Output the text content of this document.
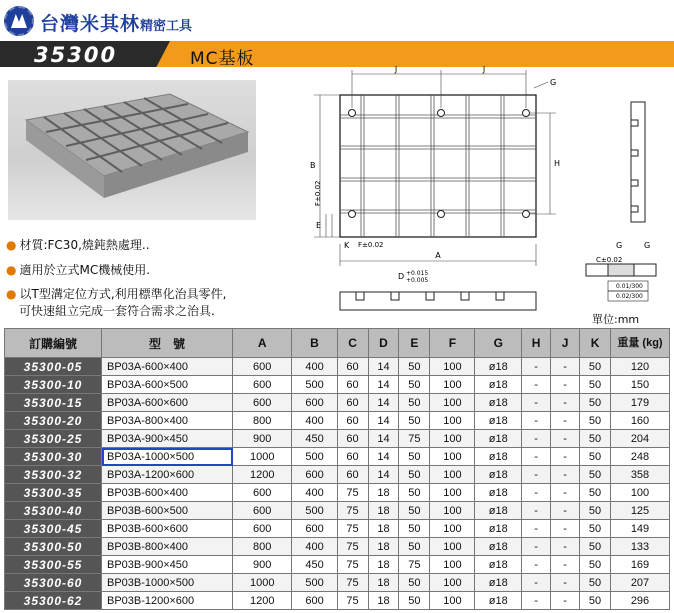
台灣米其林精密工具
35300	MC基板
J	J
G
B	H
E
F±0.02
K F±0.02
A
D +0.015
+0.005
G	G
C±0.02
0.01/300
0.02/300
● 材質:FC30,燒鈍熱處理..
● 適用於立式MC機械使用.
● 以T型溝定位方式,利用標準化治具零件,
可快速組立完成一套符合需求之治具.
單位:mm
訂購編號	型　號	A	B	C	D	E	F	G	H	J	K	重量 (kg)
35300-05	BP03A-600×400	600	400	60	14	50	100	ø18	-	-	50	120
35300-10	BP03A-600×500	600	500	60	14	50	100	ø18	-	-	50	150
35300-15	BP03A-600×600	600	600	60	14	50	100	ø18	-	-	50	179
35300-20	BP03A-800×400	800	400	60	14	50	100	ø18	-	-	50	160
35300-25	BP03A-900×450	900	450	60	14	75	100	ø18	-	-	50	204
35300-30	BP03A-1000×500	1000	500	60	14	50	100	ø18	-	-	50	248
35300-32	BP03A-1200×600	1200	600	60	14	50	100	ø18	-	-	50	358
35300-35	BP03B-600×400	600	400	75	18	50	100	ø18	-	-	50	100
35300-40	BP03B-600×500	600	500	75	18	50	100	ø18	-	-	50	125
35300-45	BP03B-600×600	600	600	75	18	50	100	ø18	-	-	50	149
35300-50	BP03B-800×400	800	400	75	18	50	100	ø18	-	-	50	133
35300-55	BP03B-900×450	900	450	75	18	75	100	ø18	-	-	50	169
35300-60	BP03B-1000×500	1000	500	75	18	50	100	ø18	-	-	50	207
35300-62	BP03B-1200×600	1200	600	75	18	50	100	ø18	-	-	50	296
